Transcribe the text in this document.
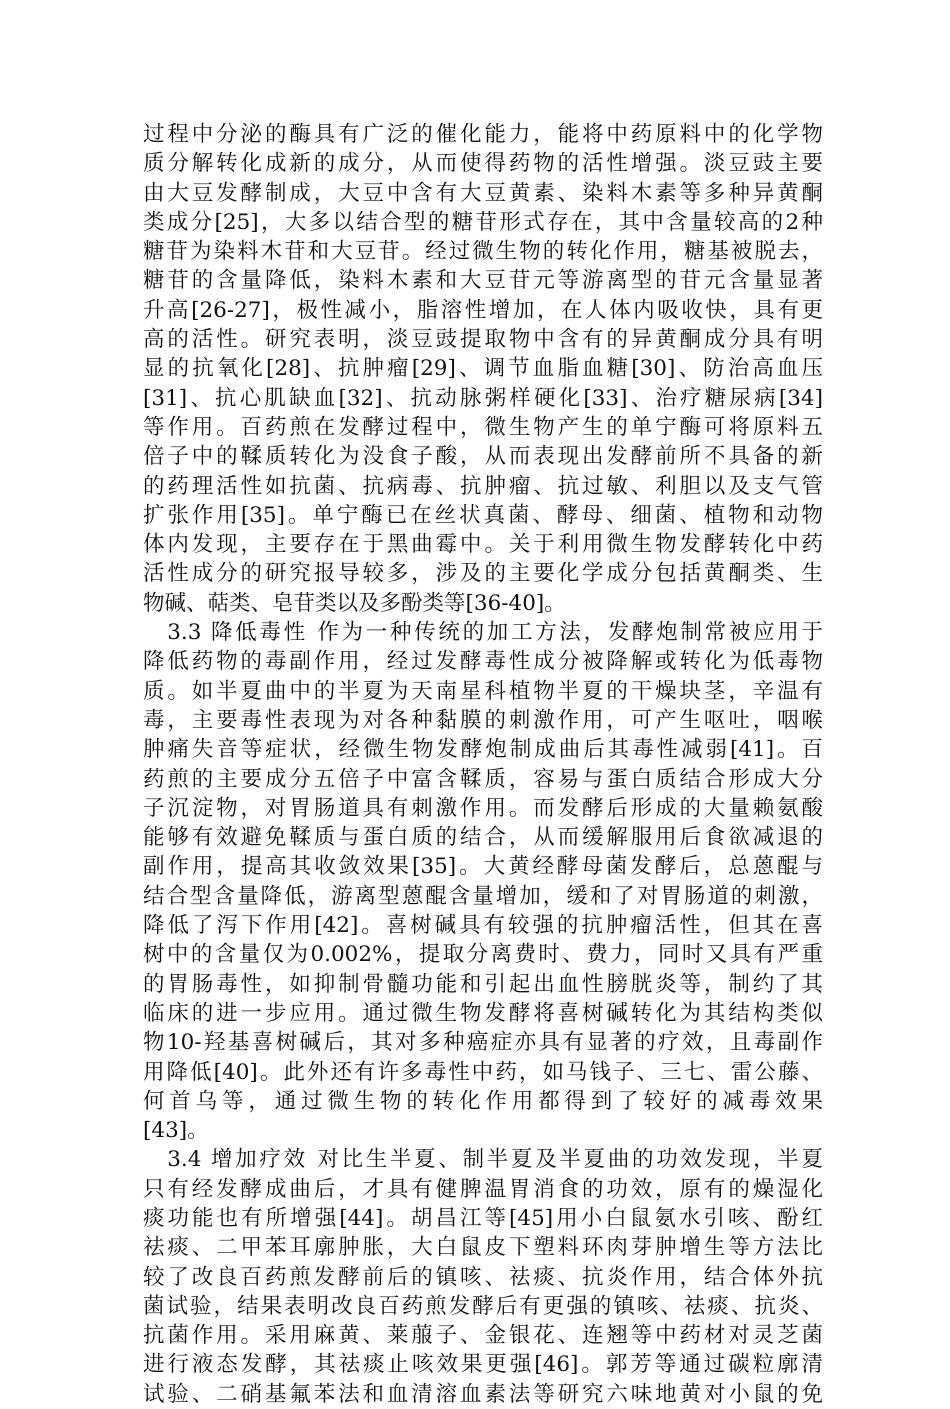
过程中分泌的酶具有广泛的催化能力，能将中药原料中的化学物
质分解转化成新的成分，从而使得药物的活性增强。淡豆豉主要
由大豆发酵制成，大豆中含有大豆黄素、染料木素等多种异黄酮
类成分[25]，大多以结合型的糖苷形式存在，其中含量较高的2种
糖苷为染料木苷和大豆苷。经过微生物的转化作用，糖基被脱去，
糖苷的含量降低，染料木素和大豆苷元等游离型的苷元含量显著
升高[26-27]，极性减小，脂溶性增加，在人体内吸收快，具有更
高的活性。研究表明，淡豆豉提取物中含有的异黄酮成分具有明
显的抗氧化[28]、抗肿瘤[29]、调节血脂血糖[30]、防治高血压
[31]、抗心肌缺血[32]、抗动脉粥样硬化[33]、治疗糖尿病[34]
等作用。百药煎在发酵过程中，微生物产生的单宁酶可将原料五
倍子中的鞣质转化为没食子酸，从而表现出发酵前所不具备的新
的药理活性如抗菌、抗病毒、抗肿瘤、抗过敏、利胆以及支气管
扩张作用[35]。单宁酶已在丝状真菌、酵母、细菌、植物和动物
体内发现，主要存在于黑曲霉中。关于利用微生物发酵转化中药
活性成分的研究报导较多，涉及的主要化学成分包括黄酮类、生
物碱、萜类、皂苷类以及多酚类等[36-40]。
　3.3 降低毒性 作为一种传统的加工方法，发酵炮制常被应用于
降低药物的毒副作用，经过发酵毒性成分被降解或转化为低毒物
质。如半夏曲中的半夏为天南星科植物半夏的干燥块茎，辛温有
毒，主要毒性表现为对各种黏膜的刺激作用，可产生呕吐，咽喉
肿痛失音等症状，经微生物发酵炮制成曲后其毒性减弱[41]。百
药煎的主要成分五倍子中富含鞣质，容易与蛋白质结合形成大分
子沉淀物，对胃肠道具有刺激作用。而发酵后形成的大量赖氨酸
能够有效避免鞣质与蛋白质的结合，从而缓解服用后食欲减退的
副作用，提高其收敛效果[35]。大黄经酵母菌发酵后，总蒽醌与
结合型含量降低，游离型蒽醌含量增加，缓和了对胃肠道的刺激，
降低了泻下作用[42]。喜树碱具有较强的抗肿瘤活性，但其在喜
树中的含量仅为0.002%，提取分离费时、费力，同时又具有严重
的胃肠毒性，如抑制骨髓功能和引起出血性膀胱炎等，制约了其
临床的进一步应用。通过微生物发酵将喜树碱转化为其结构类似
物10-羟基喜树碱后，其对多种癌症亦具有显著的疗效，且毒副作
用降低[40]。此外还有许多毒性中药，如马钱子、三七、雷公藤、
何首乌等，通过微生物的转化作用都得到了较好的减毒效果
[43]。
　3.4 增加疗效 对比生半夏、制半夏及半夏曲的功效发现，半夏
只有经发酵成曲后，才具有健脾温胃消食的功效，原有的燥湿化
痰功能也有所增强[44]。胡昌江等[45]用小白鼠氨水引咳、酚红
祛痰、二甲苯耳廓肿胀，大白鼠皮下塑料环肉芽肿增生等方法比
较了改良百药煎发酵前后的镇咳、祛痰、抗炎作用，结合体外抗
菌试验，结果表明改良百药煎发酵后有更强的镇咳、祛痰、抗炎、
抗菌作用。采用麻黄、莱菔子、金银花、连翘等中药材对灵芝菌
进行液态发酵，其祛痰止咳效果更强[46]。郭芳等通过碳粒廓清
试验、二硝基氟苯法和血清溶血素法等研究六味地黄对小鼠的免
